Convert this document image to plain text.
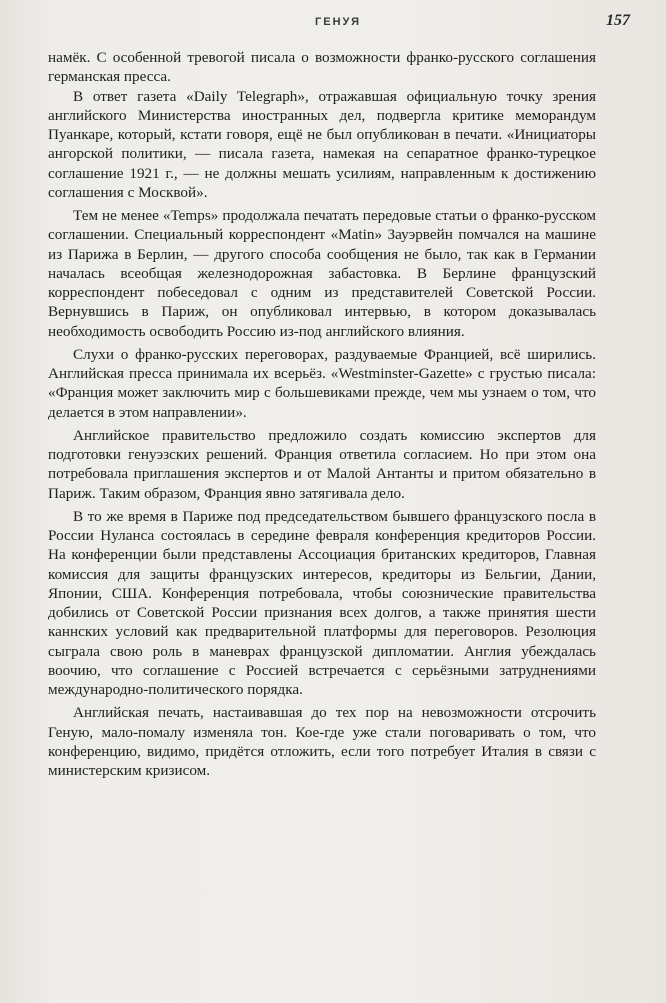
ГЕНУЯ	157

намёк. С особенной тревогой писала о возможности франко-русского соглашения германская пресса.

В ответ газета «Daily Telegraph», отражавшая официальную точку зрения английского Министерства иностранных дел, подвергла критике меморандум Пуанкаре, который, кстати говоря, ещё не был опубликован в печати. «Инициаторы ангорской политики, — писала газета, намекая на сепаратное франко-турецкое соглашение 1921 г., — не должны мешать усилиям, направленным к достижению соглашения с Москвой».

Тем не менее «Temps» продолжала печатать передовые статьи о франко-русском соглашении. Специальный корреспондент «Matin» Зауэрвейн помчался на машине из Парижа в Берлин, — другого способа сообщения не было, так как в Германии началась всеобщая железнодорожная забастовка. В Берлине французский корреспондент побеседовал с одним из представителей Советской России. Вернувшись в Париж, он опубликовал интервью, в котором доказывалась необходимость освободить Россию из-под английского влияния.

Слухи о франко-русских переговорах, раздуваемые Францией, всё ширились. Английская пресса принимала их всерьёз. «Westminster-Gazette» с грустью писала: «Франция может заключить мир с большевиками прежде, чем мы узнаем о том, что делается в этом направлении».

Английское правительство предложило создать комиссию экспертов для подготовки генуэзских решений. Франция ответила согласием. Но при этом она потребовала приглашения экспертов и от Малой Антанты и притом обязательно в Париж. Таким образом, Франция явно затягивала дело.

В то же время в Париже под председательством бывшего французского посла в России Нуланса состоялась в середине февраля конференция кредиторов России. На конференции были представлены Ассоциация британских кредиторов, Главная комиссия для защиты французских интересов, кредиторы из Бельгии, Дании, Японии, США. Конференция потребовала, чтобы союзнические правительства добились от Советской России признания всех долгов, а также принятия шести каннских условий как предварительной платформы для переговоров. Резолюция сыграла свою роль в маневрах французской дипломатии. Англия убеждалась воочию, что соглашение с Россией встречается с серьёзными затруднениями международно-политического порядка.

Английская печать, настаивавшая до тех пор на невозможности отсрочить Геную, мало-помалу изменяла тон. Кое-где уже стали поговаривать о том, что конференцию, видимо, придётся отложить, если того потребует Италия в связи с министерским кризисом.
